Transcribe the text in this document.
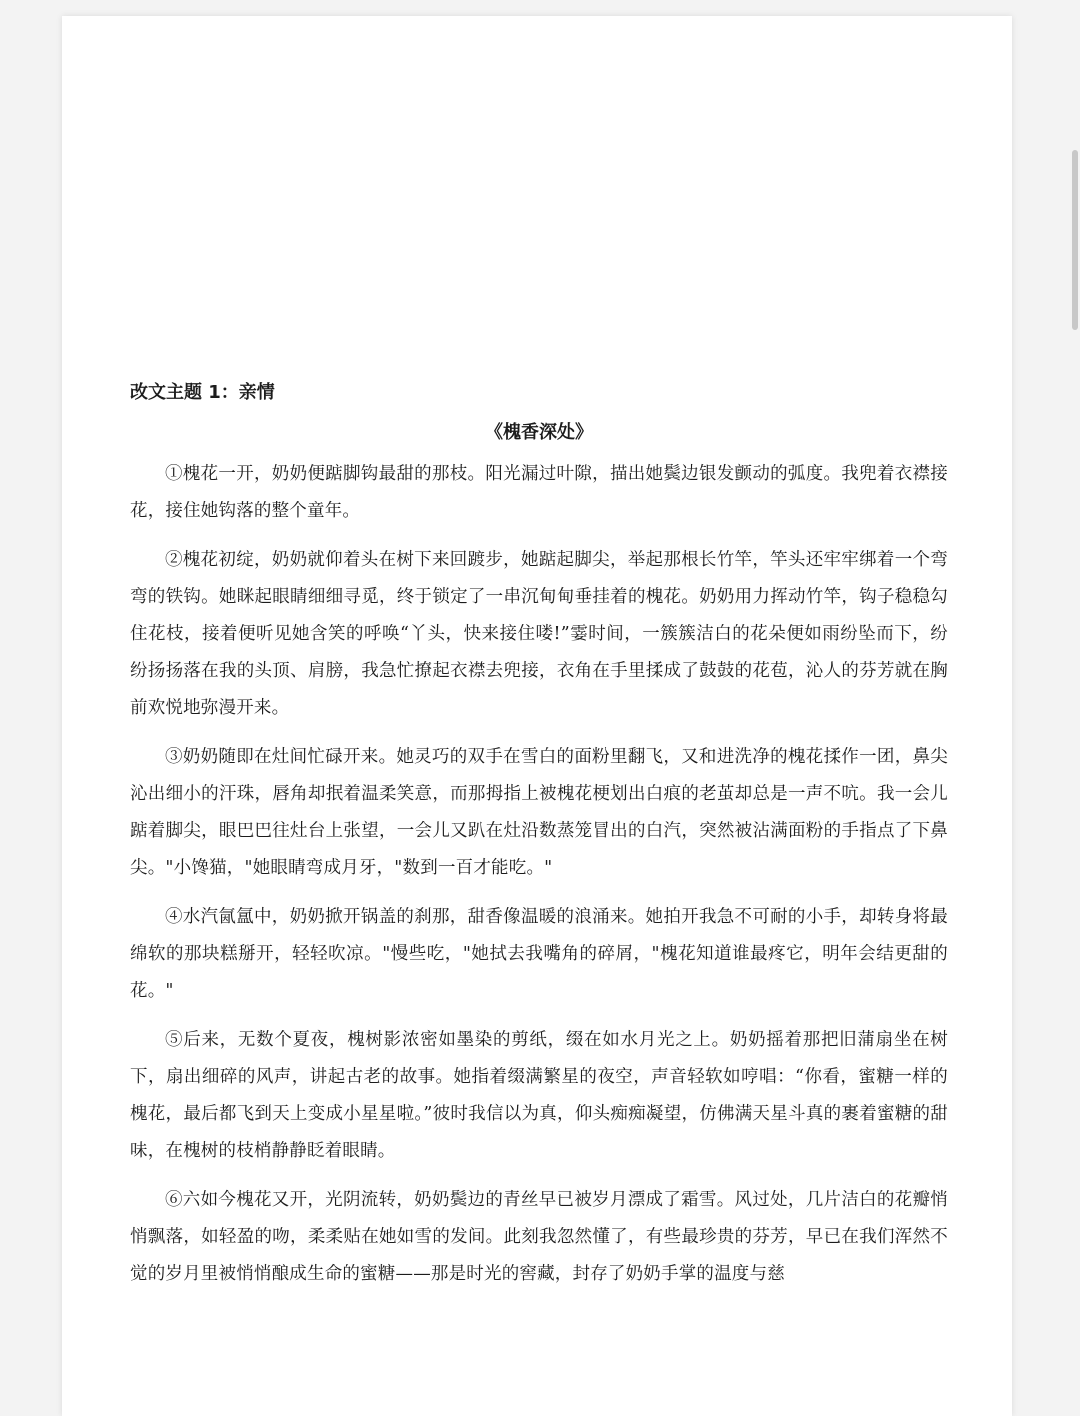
改文主题 1：亲情
《槐香深处》

①槐花一开，奶奶便踮脚钩最甜的那枝。阳光漏过叶隙，描出她鬓边银发颤动的弧度。我兜着衣襟接花，接住她钩落的整个童年。

②槐花初绽，奶奶就仰着头在树下来回踱步，她踮起脚尖，举起那根长竹竿，竿头还牢牢绑着一个弯弯的铁钩。她眯起眼睛细细寻觅，终于锁定了一串沉甸甸垂挂着的槐花。奶奶用力挥动竹竿，钩子稳稳勾住花枝，接着便听见她含笑的呼唤“丫头，快来接住喽!”霎时间，一簇簇洁白的花朵便如雨纷坠而下，纷纷扬扬落在我的头顶、肩膀，我急忙撩起衣襟去兜接，衣角在手里揉成了鼓鼓的花苞，沁人的芬芳就在胸前欢悦地弥漫开来。

③奶奶随即在灶间忙碌开来。她灵巧的双手在雪白的面粉里翻飞，又和进洗净的槐花揉作一团，鼻尖沁出细小的汗珠，唇角却抿着温柔笑意，而那拇指上被槐花梗划出白痕的老茧却总是一声不吭。我一会儿踮着脚尖，眼巴巴往灶台上张望，一会儿又趴在灶沿数蒸笼冒出的白汽，突然被沾满面粉的手指点了下鼻尖。"小馋猫，"她眼睛弯成月牙，"数到一百才能吃。"

④水汽氤氲中，奶奶掀开锅盖的刹那，甜香像温暖的浪涌来。她拍开我急不可耐的小手，却转身将最绵软的那块糕掰开，轻轻吹凉。"慢些吃，"她拭去我嘴角的碎屑，"槐花知道谁最疼它，明年会结更甜的花。"

⑤后来，无数个夏夜，槐树影浓密如墨染的剪纸，缀在如水月光之上。奶奶摇着那把旧蒲扇坐在树下，扇出细碎的风声，讲起古老的故事。她指着缀满繁星的夜空，声音轻软如哼唱：“你看，蜜糖一样的槐花，最后都飞到天上变成小星星啦。”彼时我信以为真，仰头痴痴凝望，仿佛满天星斗真的裹着蜜糖的甜味，在槐树的枝梢静静眨着眼睛。

⑥六如今槐花又开，光阴流转，奶奶鬓边的青丝早已被岁月漂成了霜雪。风过处，几片洁白的花瓣悄悄飘落，如轻盈的吻，柔柔贴在她如雪的发间。此刻我忽然懂了，有些最珍贵的芬芳，早已在我们浑然不觉的岁月里被悄悄酿成生命的蜜糖——那是时光的窖藏，封存了奶奶手掌的温度与慈
